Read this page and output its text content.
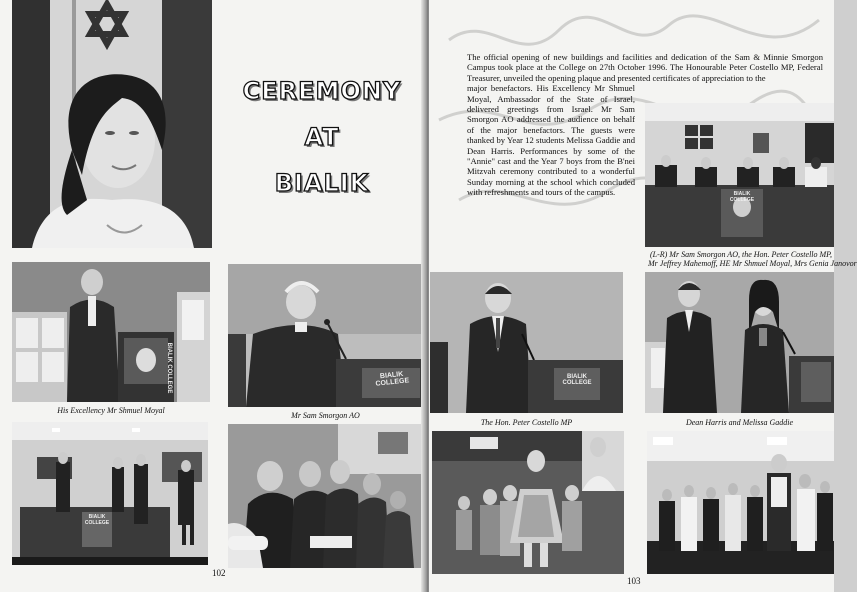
CEREMONY
AT
BIALIK
BIALIK COLLEGE
His Excellency Mr Shmuel Moyal
BIALIK COLLEGE
Mr Sam Smorgon AO
BIALIK COLLEGE
102
103
The official opening of new buildings and facilities and dedication of the Sam & Minnie Smorgon Campus took place at the College on 27th October 1996. The Honourable Peter Costello MP, Federal Treasurer, unveiled the opening plaque and presented certificates of appreciation to the
major benefactors. His Excellency Mr Shmuel Moyal, Ambassador of the State of Israel, delivered greetings from Israel. Mr Sam Smorgon AO addressed the audience on behalf of the major benefactors. The guests were thanked by Year 12 students Melissa Gaddie and Dean Harris. Performances by some of the "Annie" cast and the Year 7 boys from the B'nei Mitzvah ceremony contributed to a wonderful Sunday morning at the school which concluded with refreshments and tours of the campus.	BIALIK COLLEGE
(L-R) Mr Sam Smorgon AO, the Hon. Peter Costello MP,
Mr Jeffrey Mahemoff, HE Mr Shmuel Moyal, Mrs Genia Janovor
BIALIK COLLEGE
The Hon. Peter Costello MP	Dean Harris and Melissa Gaddie
